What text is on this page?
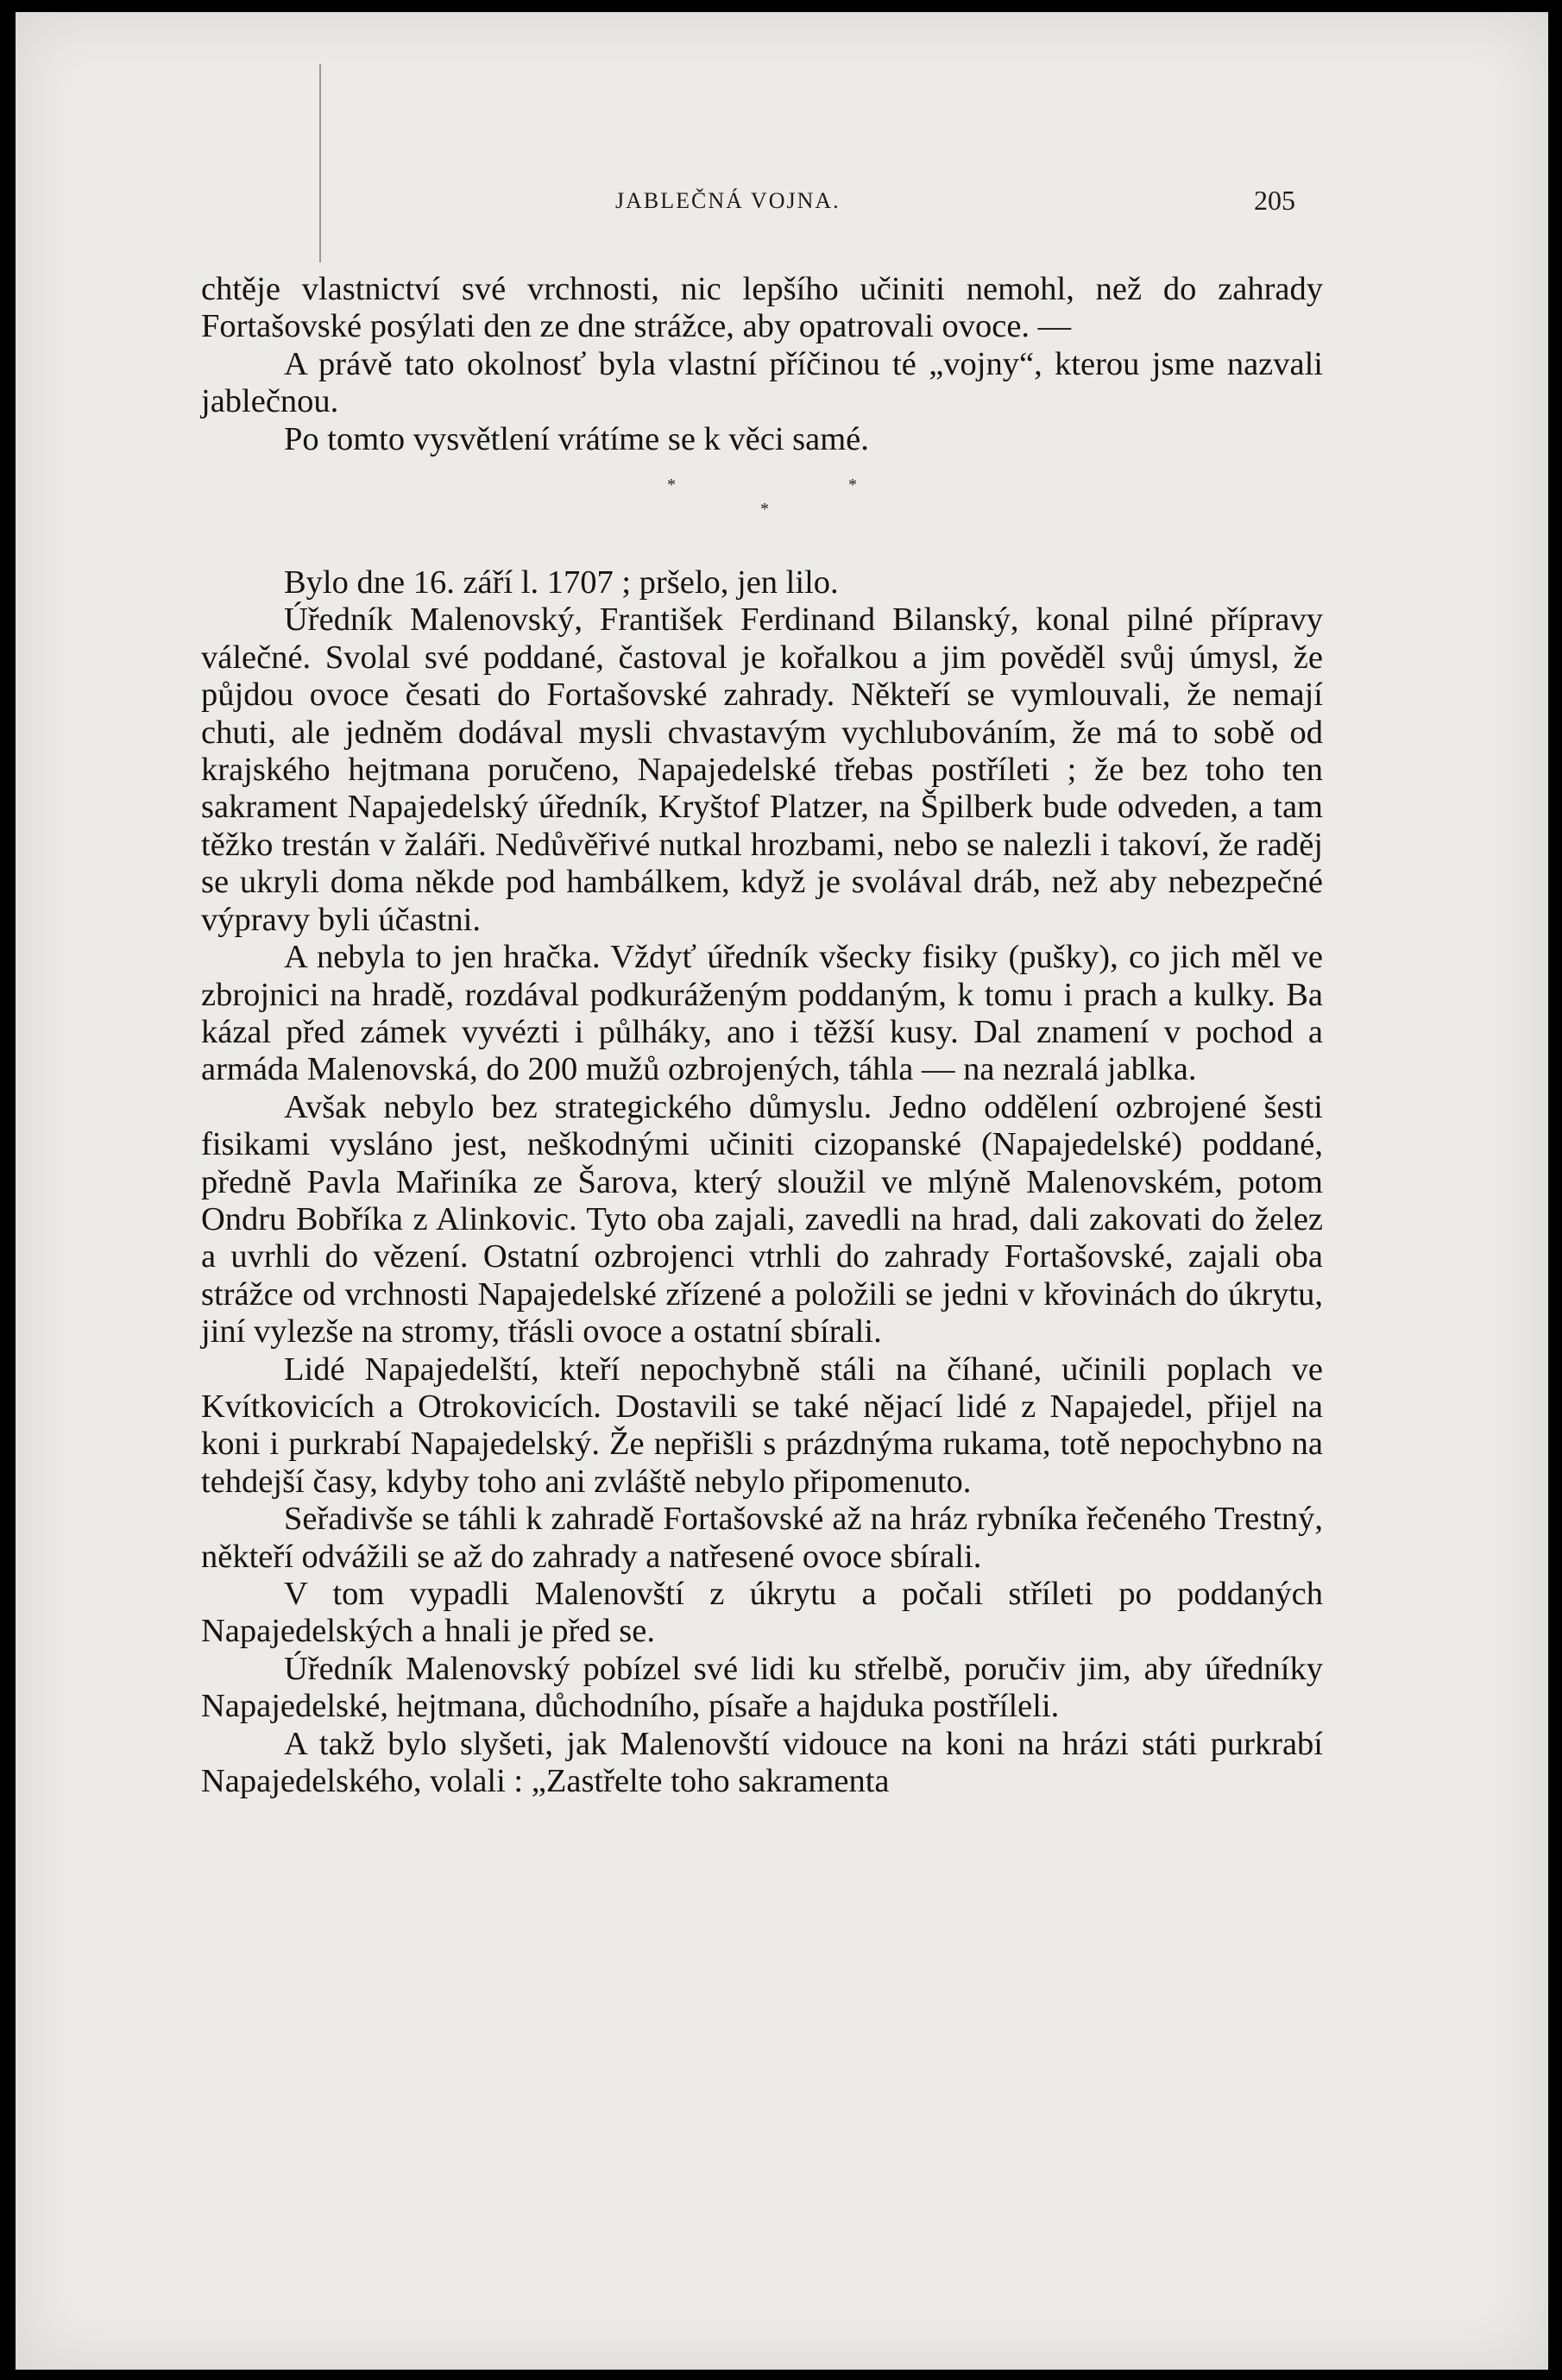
JABLEČNÁ VOJNA.	205

chtěje vlastnictví své vrchnosti, nic lepšího učiniti nemohl, než do zahrady Fortašovské posýlati den ze dne strážce, aby opatrovali ovoce. —

A právě tato okolnosť byla vlastní příčinou té „vojny“, kterou jsme nazvali jablečnou.

Po tomto vysvětlení vrátíme se k věci samé.

*	*
*

Bylo dne 16. září l. 1707 ; pršelo, jen lilo.

Úředník Malenovský, František Ferdinand Bilanský, konal pilné přípravy válečné. Svolal své poddané, častoval je kořalkou a jim pověděl svůj úmysl, že půjdou ovoce česati do Fortašovské zahrady. Někteří se vymlouvali, že nemají chuti, ale jedněm dodával mysli chvastavým vychlubováním, že má to sobě od krajského hejtmana poručeno, Napajedelské třebas postříleti ; že bez toho ten sakrament Napajedelský úředník, Kryštof Platzer, na Špilberk bude odveden, a tam těžko trestán v žaláři. Nedůvěřivé nutkal hrozbami, nebo se nalezli i takoví, že raděj se ukryli doma někde pod hambálkem, když je svolával dráb, než aby nebezpečné výpravy byli účastni.

A nebyla to jen hračka. Vždyť úředník všecky fisiky (pušky), co jich měl ve zbrojnici na hradě, rozdával podkuráženým poddaným, k tomu i prach a kulky. Ba kázal před zámek vyvézti i půlháky, ano i těžší kusy. Dal znamení v pochod a armáda Malenovská, do 200 mužů ozbrojených, táhla — na nezralá jablka.

Avšak nebylo bez strategického důmyslu. Jedno oddělení ozbrojené šesti fisikami vysláno jest, neškodnými učiniti cizopanské (Napajedelské) poddané, předně Pavla Mařiníka ze Šarova, který sloužil ve mlýně Malenovském, potom Ondru Bobříka z Alinkovic. Tyto oba zajali, zavedli na hrad, dali zakovati do želez a uvrhli do vězení. Ostatní ozbrojenci vtrhli do zahrady Fortašovské, zajali oba strážce od vrchnosti Napajedelské zřízené a položili se jedni v křovinách do úkrytu, jiní vylezše na stromy, třásli ovoce a ostatní sbírali.

Lidé Napajedelští, kteří nepochybně stáli na číhané, učinili poplach ve Kvítkovicích a Otrokovicích. Dostavili se také nějací lidé z Napajedel, přijel na koni i purkrabí Napajedelský. Že nepřišli s prázdnýma rukama, totě nepochybno na tehdejší časy, kdyby toho ani zvláště nebylo připomenuto.

Seřadivše se táhli k zahradě Fortašovské až na hráz rybníka řečeného Trestný, někteří odvážili se až do zahrady a natřesené ovoce sbírali.

V tom vypadli Malenovští z úkrytu a počali stříleti po poddaných Napajedelských a hnali je před se.

Úředník Malenovský pobízel své lidi ku střelbě, poručiv jim, aby úředníky Napajedelské, hejtmana, důchodního, písaře a hajduka postříleli.

A takž bylo slyšeti, jak Malenovští vidouce na koni na hrázi státi purkrabí Napajedelského, volali : „Zastřelte toho sakramenta
